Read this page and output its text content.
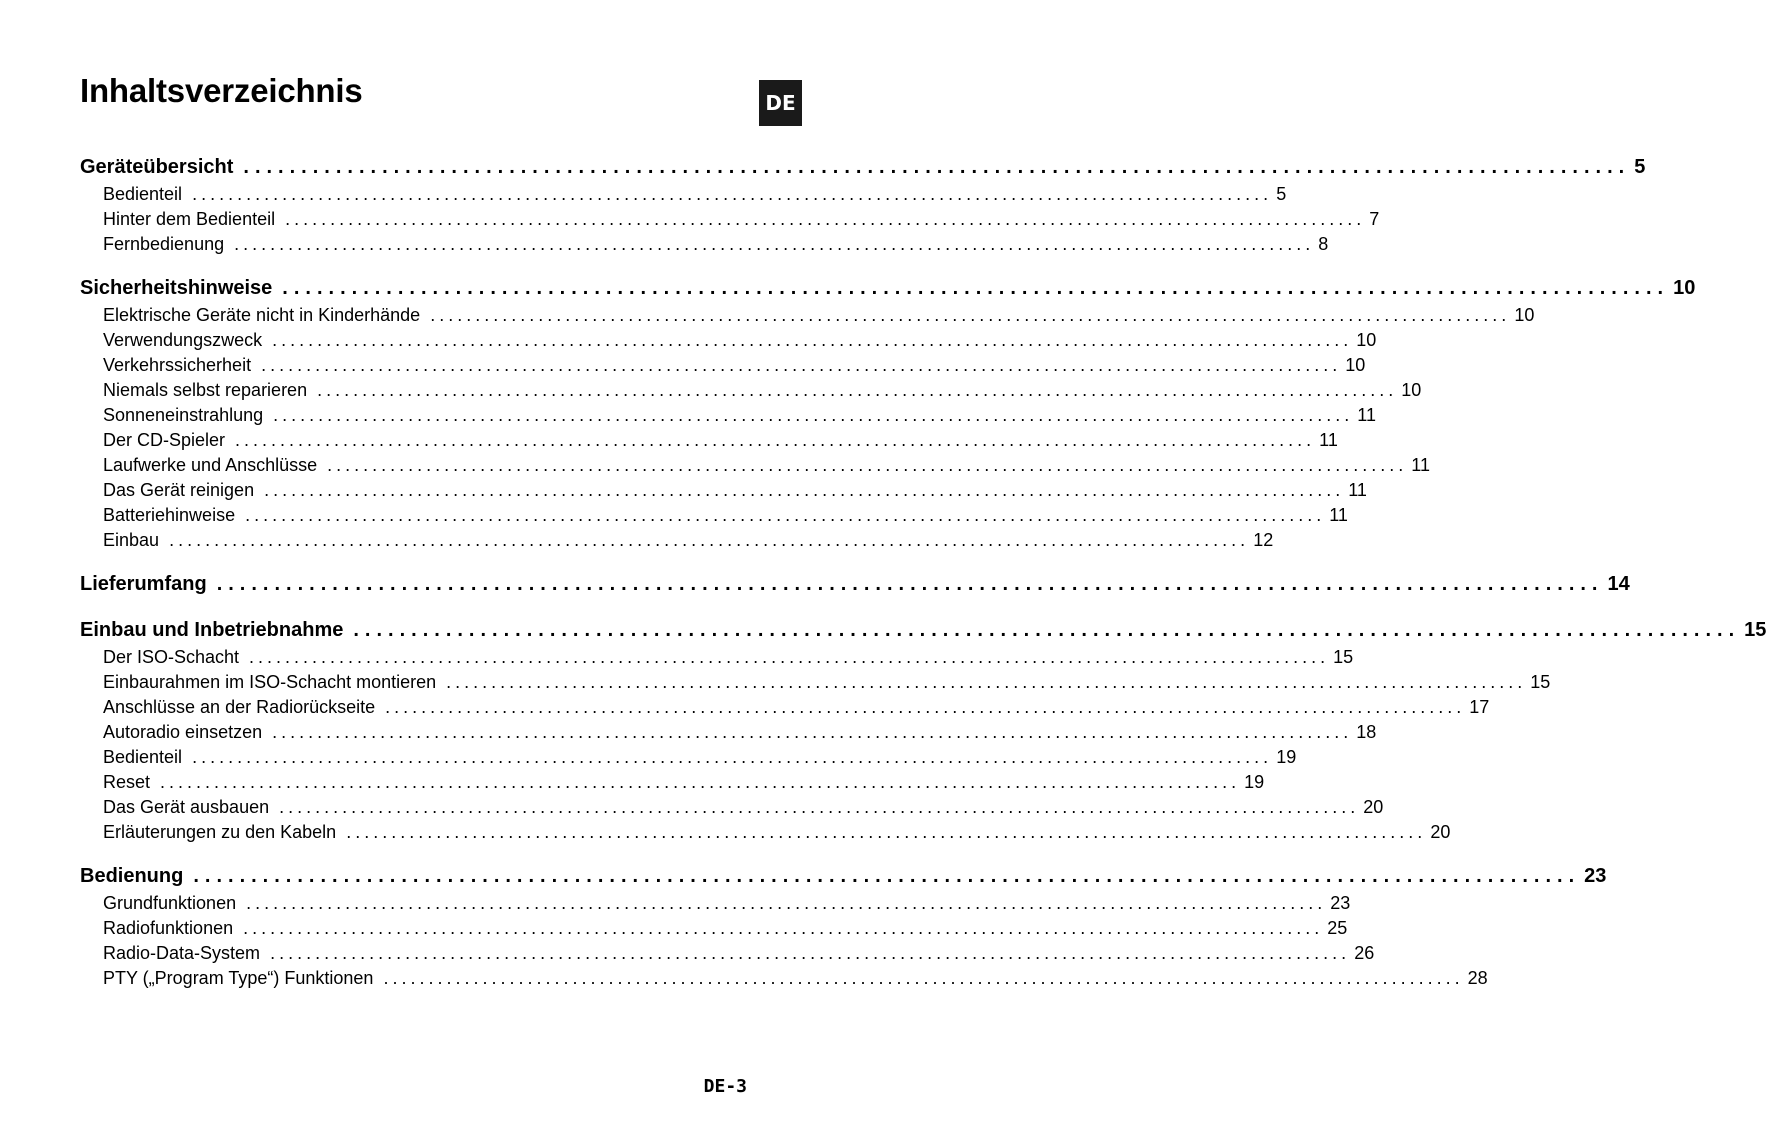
Inhaltsverzeichnis	DE
Geräteübersicht ........................................................................................................................ 5
Bedienteil ........................................................................................................................ 5
Hinter dem Bedienteil ........................................................................................................................ 7
Fernbedienung ........................................................................................................................ 8
Sicherheitshinweise ........................................................................................................................ 10
Elektrische Geräte nicht in Kinderhände ........................................................................................................................ 10
Verwendungszweck ........................................................................................................................ 10
Verkehrssicherheit ........................................................................................................................ 10
Niemals selbst reparieren ........................................................................................................................ 10
Sonneneinstrahlung ........................................................................................................................ 11
Der CD-Spieler ........................................................................................................................ 11
Laufwerke und Anschlüsse ........................................................................................................................ 11
Das Gerät reinigen ........................................................................................................................ 11
Batteriehinweise ........................................................................................................................ 11
Einbau ........................................................................................................................ 12
Lieferumfang ........................................................................................................................ 14
Einbau und Inbetriebnahme ........................................................................................................................ 15
Der ISO-Schacht ........................................................................................................................ 15
Einbaurahmen im ISO-Schacht montieren ........................................................................................................................ 15
Anschlüsse an der Radiorückseite ........................................................................................................................ 17
Autoradio einsetzen ........................................................................................................................ 18
Bedienteil ........................................................................................................................ 19
Reset ........................................................................................................................ 19
Das Gerät ausbauen ........................................................................................................................ 20
Erläuterungen zu den Kabeln ........................................................................................................................ 20
Bedienung ........................................................................................................................ 23
Grundfunktionen ........................................................................................................................ 23
Radiofunktionen ........................................................................................................................ 25
Radio-Data-System ........................................................................................................................ 26
PTY („Program Type“) Funktionen ........................................................................................................................ 28
DE-3
